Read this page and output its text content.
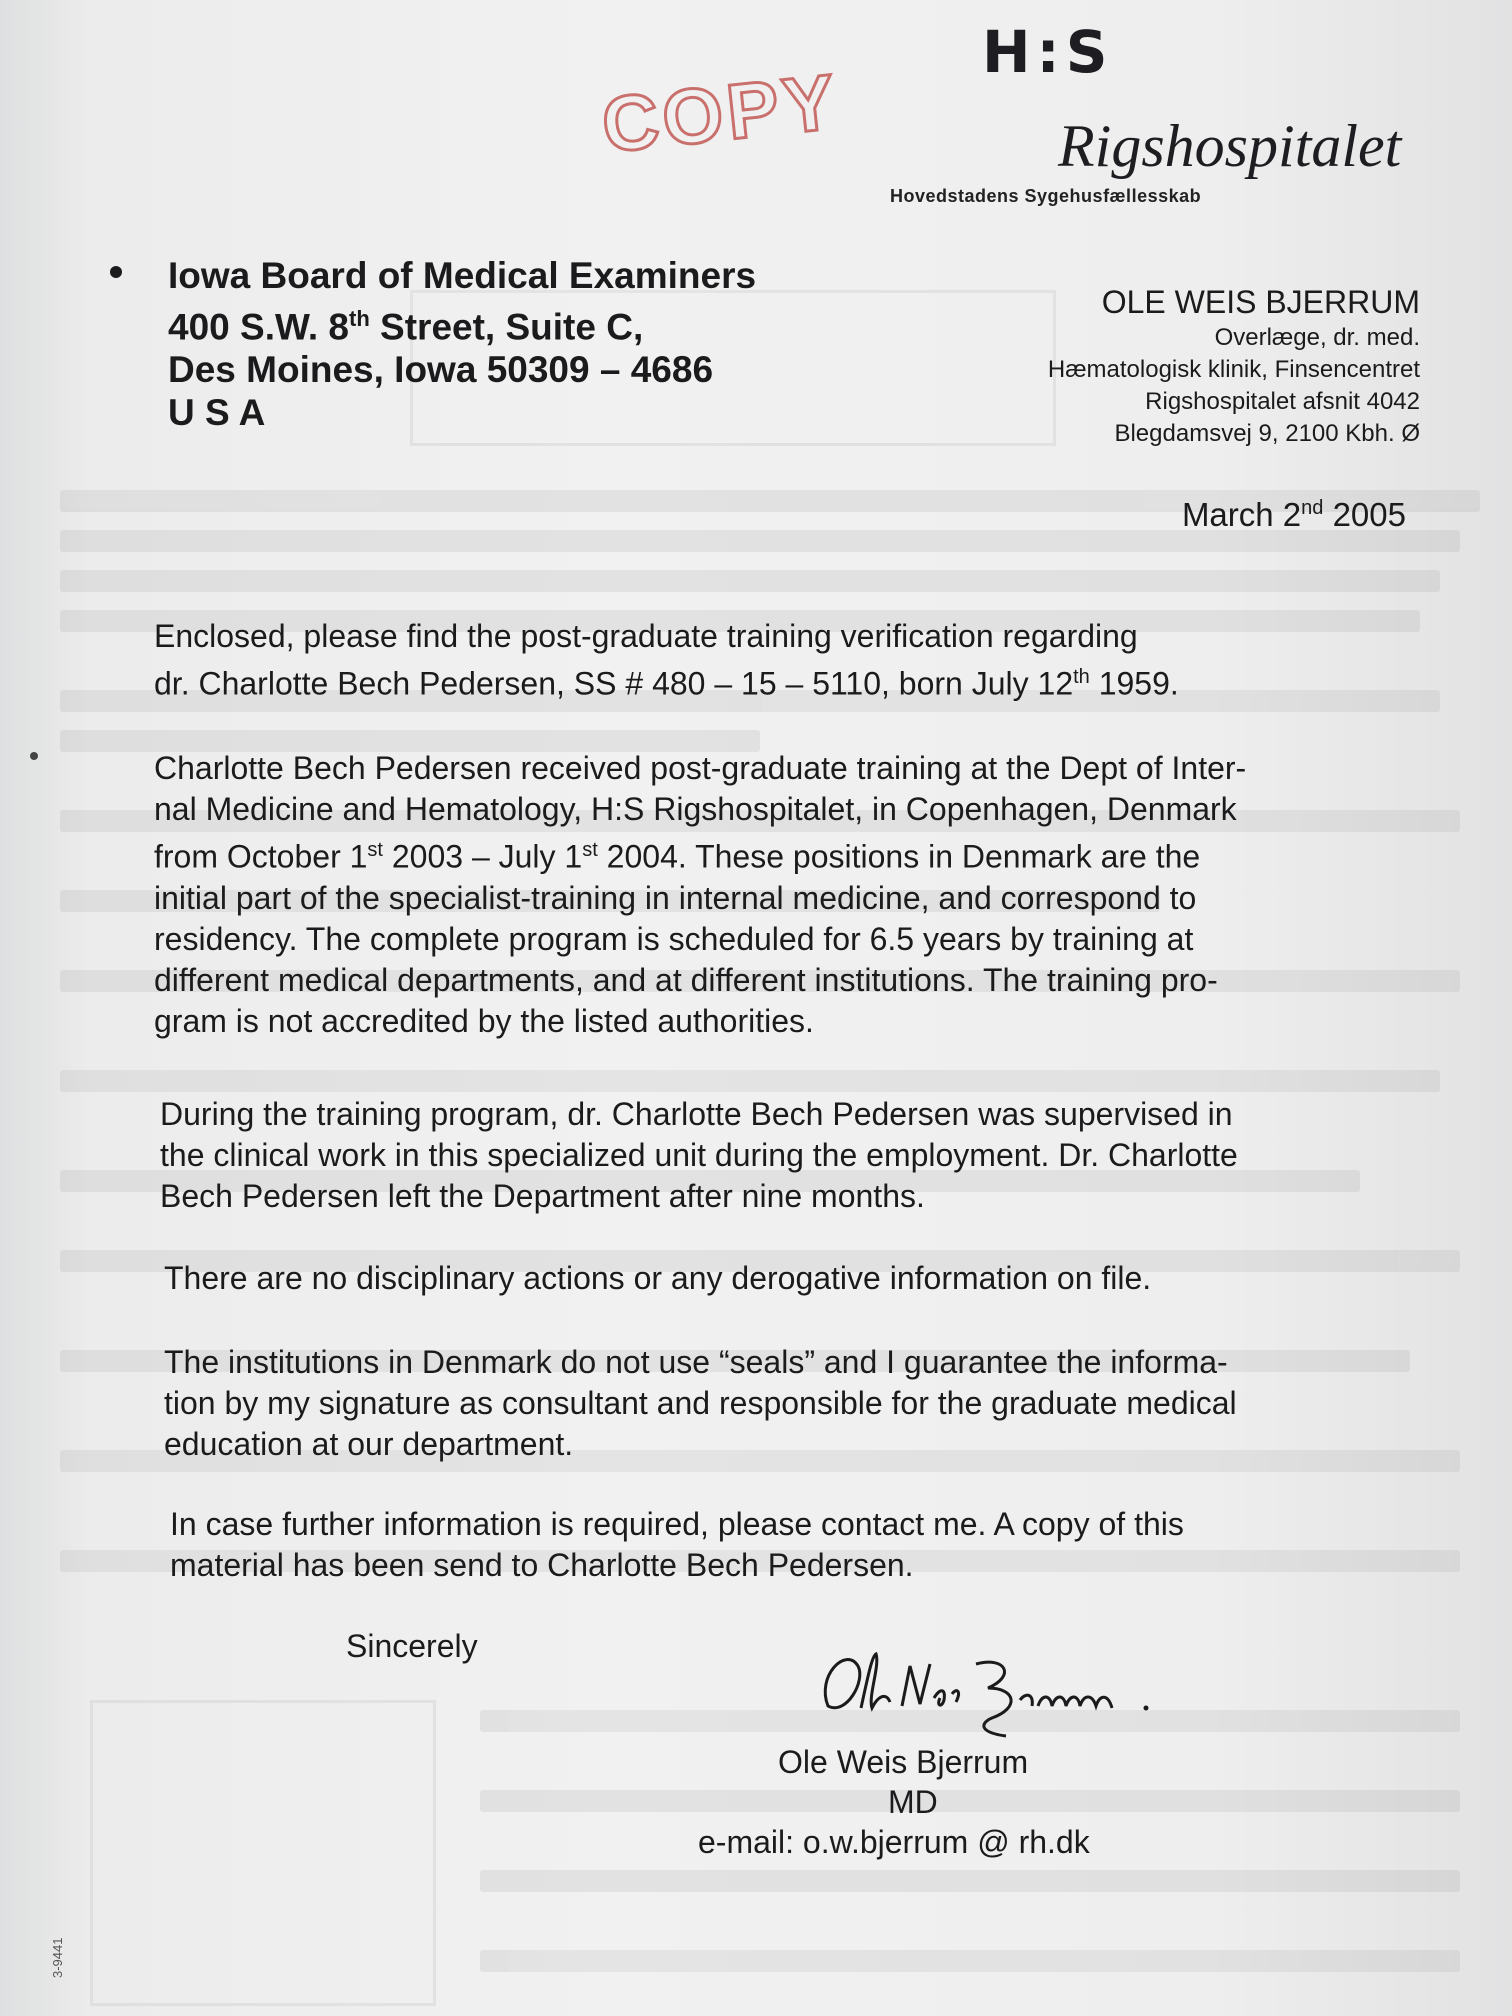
COPY
H:S
Rigshospitalet
Hovedstadens Sygehusfællesskab
Iowa Board of Medical Examiners
400 S.W. 8th Street, Suite C,
Des Moines, Iowa 50309 – 4686
U S A
OLE WEIS BJERRUM
Overlæge, dr. med.
Hæmatologisk klinik, Finsencentret
Rigshospitalet afsnit 4042
Blegdamsvej 9, 2100 Kbh. Ø
March 2nd 2005
Enclosed, please find the post-graduate training verification regarding
dr. Charlotte Bech Pedersen, SS # 480 – 15 – 5110, born July 12th 1959.
Charlotte Bech Pedersen received post-graduate training at the Dept of Inter-
nal Medicine and Hematology, H:S Rigshospitalet, in Copenhagen, Denmark
from October 1st 2003 – July 1st 2004. These positions in Denmark are the
initial part of the specialist-training in internal medicine, and correspond to
residency. The complete program is scheduled for 6.5 years by training at
different medical departments, and at different institutions. The training pro-
gram is not accredited by the listed authorities.
During the training program, dr. Charlotte Bech Pedersen was supervised in
the clinical work in this specialized unit during the employment. Dr. Charlotte
Bech Pedersen left the Department after nine months.
There are no disciplinary actions or any derogative information on file.
The institutions in Denmark do not use “seals” and I guarantee the informa-
tion by my signature as consultant and responsible for the graduate medical
education at our department.
In case further information is required, please contact me. A copy of this
material has been send to Charlotte Bech Pedersen.
Sincerely
Ole Weis Bjerrum
MD
e-mail: o.w.bjerrum @ rh.dk
3-9441
